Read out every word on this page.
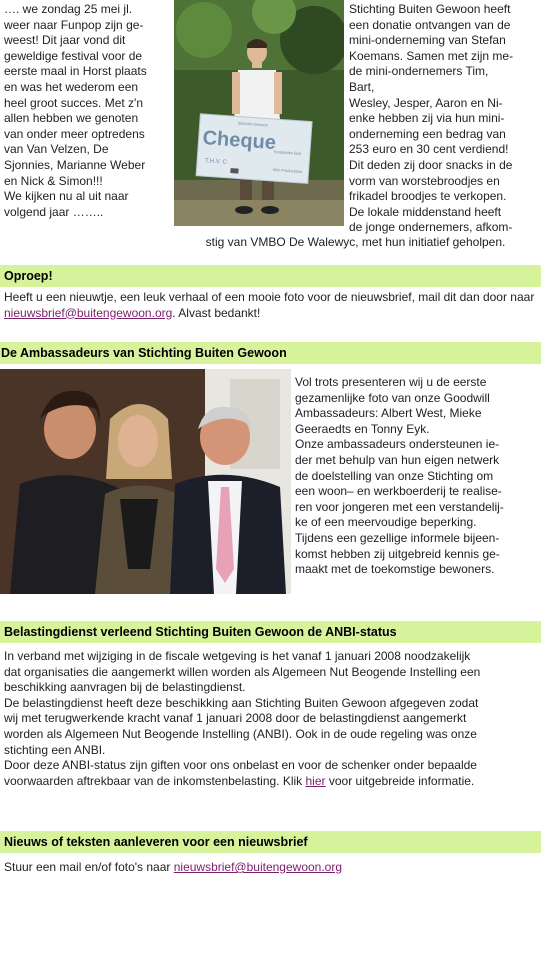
…. we zondag 25 mei jl.
weer naar Funpop zijn ge-
weest! Dit jaar vond dit
geweldige festival voor de
eerste maal in Horst plaats
en was het wederom een
heel groot succes. Met z'n
allen hebben we genoten
van onder meer optredens
van Van Velzen, De
Sjonnies, Marianne Weber
en Nick & Simon!!!
We kijken nu al uit naar
volgend jaar ……..

Slachtin Gewoon
Cheque
T.H.V. C
Koopleden Buit
Mini Productions

Stichting Buiten Gewoon heeft
een donatie ontvangen van de
mini-onderneming van Stefan
Koemans. Samen met zijn me-
de mini-ondernemers Tim,
Bart,
Wesley, Jesper, Aaron en Ni-
enke hebben zij via hun mini-
onderneming een bedrag van
253 euro en 30 cent verdiend!
Dit deden zij door snacks in de
vorm van worstebroodjes en
frikadel broodjes te verkopen.
De lokale middenstand heeft
de jonge ondernemers, afkom-

stig van VMBO De Walewyc, met hun initiatief geholpen.

Oproep!

Heeft u een nieuwtje, een leuk verhaal of een mooie foto voor de nieuwsbrief, mail dit dan door naar nieuwsbrief@buitengewoon.org. Alvast bedankt!

De Ambassadeurs van Stichting Buiten Gewoon

Vol trots presenteren wij u de eerste
gezamenlijke foto van onze Goodwill
Ambassadeurs: Albert West, Mieke
Geeraedts en Tonny Eyk.
Onze ambassadeurs ondersteunen ie-
der met behulp van hun eigen netwerk
de doelstelling van onze Stichting om
een woon– en werkboerderij te realise-
ren voor jongeren met een verstandelij-
ke of een meervoudige beperking.
Tijdens een gezellige informele bijeen-
komst hebben zij uitgebreid kennis ge-
maakt met de toekomstige bewoners.

Belastingdienst verleend Stichting Buiten Gewoon de ANBI-status

In verband met wijziging in de fiscale wetgeving is het vanaf 1 januari 2008 noodzakelijk
dat organisaties die aangemerkt willen worden als Algemeen Nut Beogende Instelling een
beschikking aanvragen bij de belastingdienst.
De belastingdienst heeft deze beschikking aan Stichting Buiten Gewoon afgegeven zodat
wij met terugwerkende kracht vanaf 1 januari 2008 door de belastingdienst aangemerkt
worden als Algemeen Nut Beogende Instelling (ANBI). Ook in de oude regeling was onze
stichting een ANBI.
Door deze ANBI-status zijn giften voor ons onbelast en voor de schenker onder bepaalde
voorwaarden aftrekbaar van de inkomstenbelasting. Klik hier voor uitgebreide informatie.

Nieuws of teksten aanleveren voor een nieuwsbrief

Stuur een mail en/of foto's naar nieuwsbrief@buitengewoon.org
